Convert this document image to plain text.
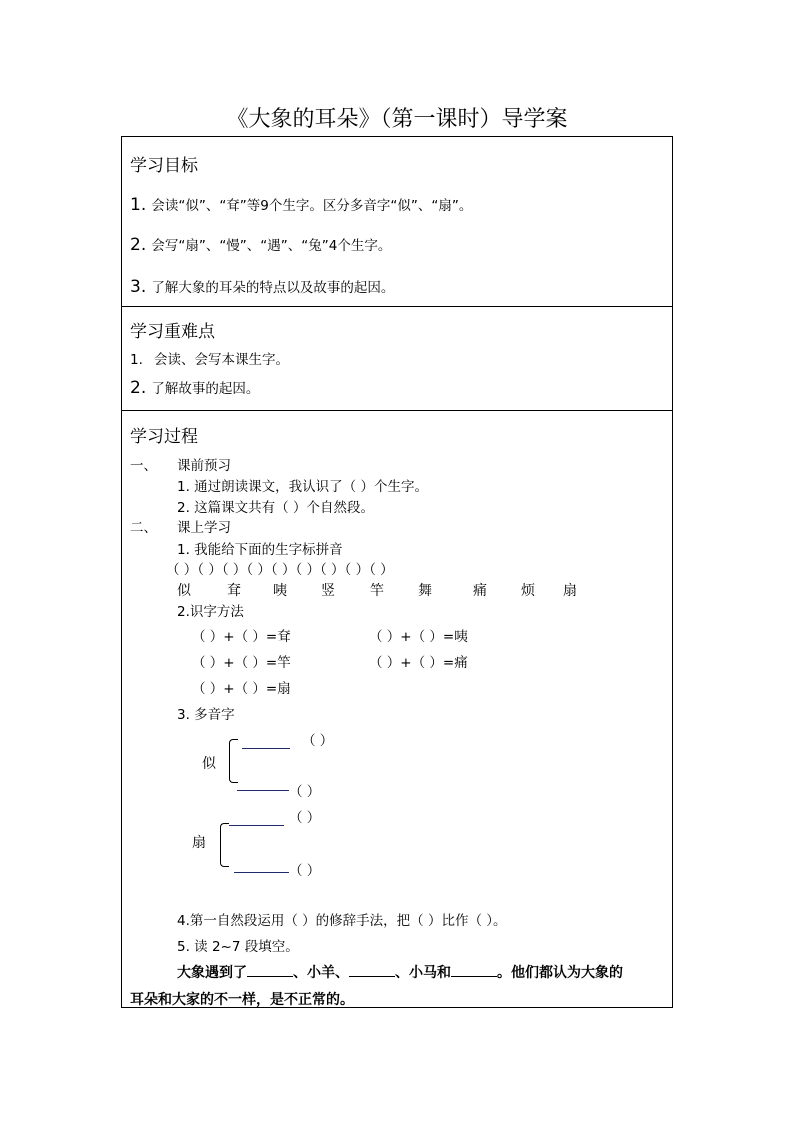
《大象的耳朵》（第一课时）导学案
学习目标
1. 会读“似”、“耷”等9个生字。区分多音字“似”、“扇”。
2. 会写“扇”、“慢”、“遇”、“兔”4个生字。
3. 了解大象的耳朵的特点以及故事的起因。
学习重难点
1. 会读、会写本课生字。
2. 了解故事的起因。
学习过程
一、 课前预习
1. 通过朗读课文，我认识了（ ）个生字。
2. 这篇课文共有（ ）个自然段。
二、 课上学习
1. 我能给下面的生字标拼音
（ ）（ ）（ ）（ ）（ ）（ ）（ ）（ ）（ ）
似	耷 咦 竖	竿 舞	痛 烦 扇
2.识字方法
（ ）+（ ）=耷	（ ）+（ ）=咦
（ ）+（ ）=竿	（ ）+（ ）=痛
（ ）+（ ）=扇
3. 多音字
（ ）
似
（ ）
（ ）
扇
（ ）
4.第一自然段运用（ ）的修辞手法，把（ ）比作（ ）。
5. 读 2~7 段填空。
大象遇到了	、小羊、	、小马和	。他们都认为大象的
耳朵和大家的不一样，是不正常的。
